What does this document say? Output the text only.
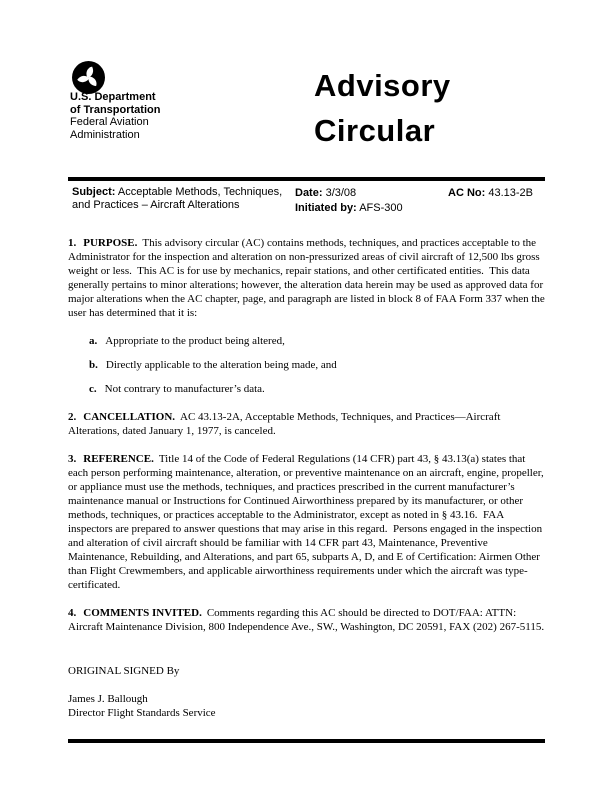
U.S. Department
of Transportation
Federal Aviation
Administration
Advisory
Circular
Subject: Acceptable Methods, Techniques, and Practices – Aircraft Alterations
Date: 3/3/08
Initiated by: AFS-300
AC No: 43.13-2B
1. PURPOSE. This advisory circular (AC) contains methods, techniques, and practices acceptable to the Administrator for the inspection and alteration on non-pressurized areas of civil aircraft of 12,500 lbs gross weight or less.  This AC is for use by mechanics, repair stations, and other certificated entities.  This data generally pertains to minor alterations; however, the alteration data herein may be used as approved data for major alterations when the AC chapter, page, and paragraph are listed in block 8 of FAA Form 337 when the user has determined that it is:
a. Appropriate to the product being altered,
b. Directly applicable to the alteration being made, and
c. Not contrary to manufacturer’s data.
2. CANCELLATION. AC 43.13-2A, Acceptable Methods, Techniques, and Practices—Aircraft Alterations, dated January 1, 1977, is canceled.
3. REFERENCE. Title 14 of the Code of Federal Regulations (14 CFR) part 43, § 43.13(a) states that each person performing maintenance, alteration, or preventive maintenance on an aircraft, engine, propeller, or appliance must use the methods, techniques, and practices prescribed in the current manufacturer’s maintenance manual or Instructions for Continued Airworthiness prepared by its manufacturer, or other methods, techniques, or practices acceptable to the Administrator, except as noted in § 43.16.  FAA inspectors are prepared to answer questions that may arise in this regard.  Persons engaged in the inspection and alteration of civil aircraft should be familiar with 14 CFR part 43, Maintenance, Preventive Maintenance, Rebuilding, and Alterations, and part 65, subparts A, D, and E of Certification: Airmen Other than Flight Crewmembers, and applicable airworthiness requirements under which the aircraft was type-certificated.
4. COMMENTS INVITED. Comments regarding this AC should be directed to DOT/FAA: ATTN: Aircraft Maintenance Division, 800 Independence Ave., SW., Washington, DC 20591, FAX (202) 267-5115.
ORIGINAL SIGNED By
James J. Ballough
Director Flight Standards Service
